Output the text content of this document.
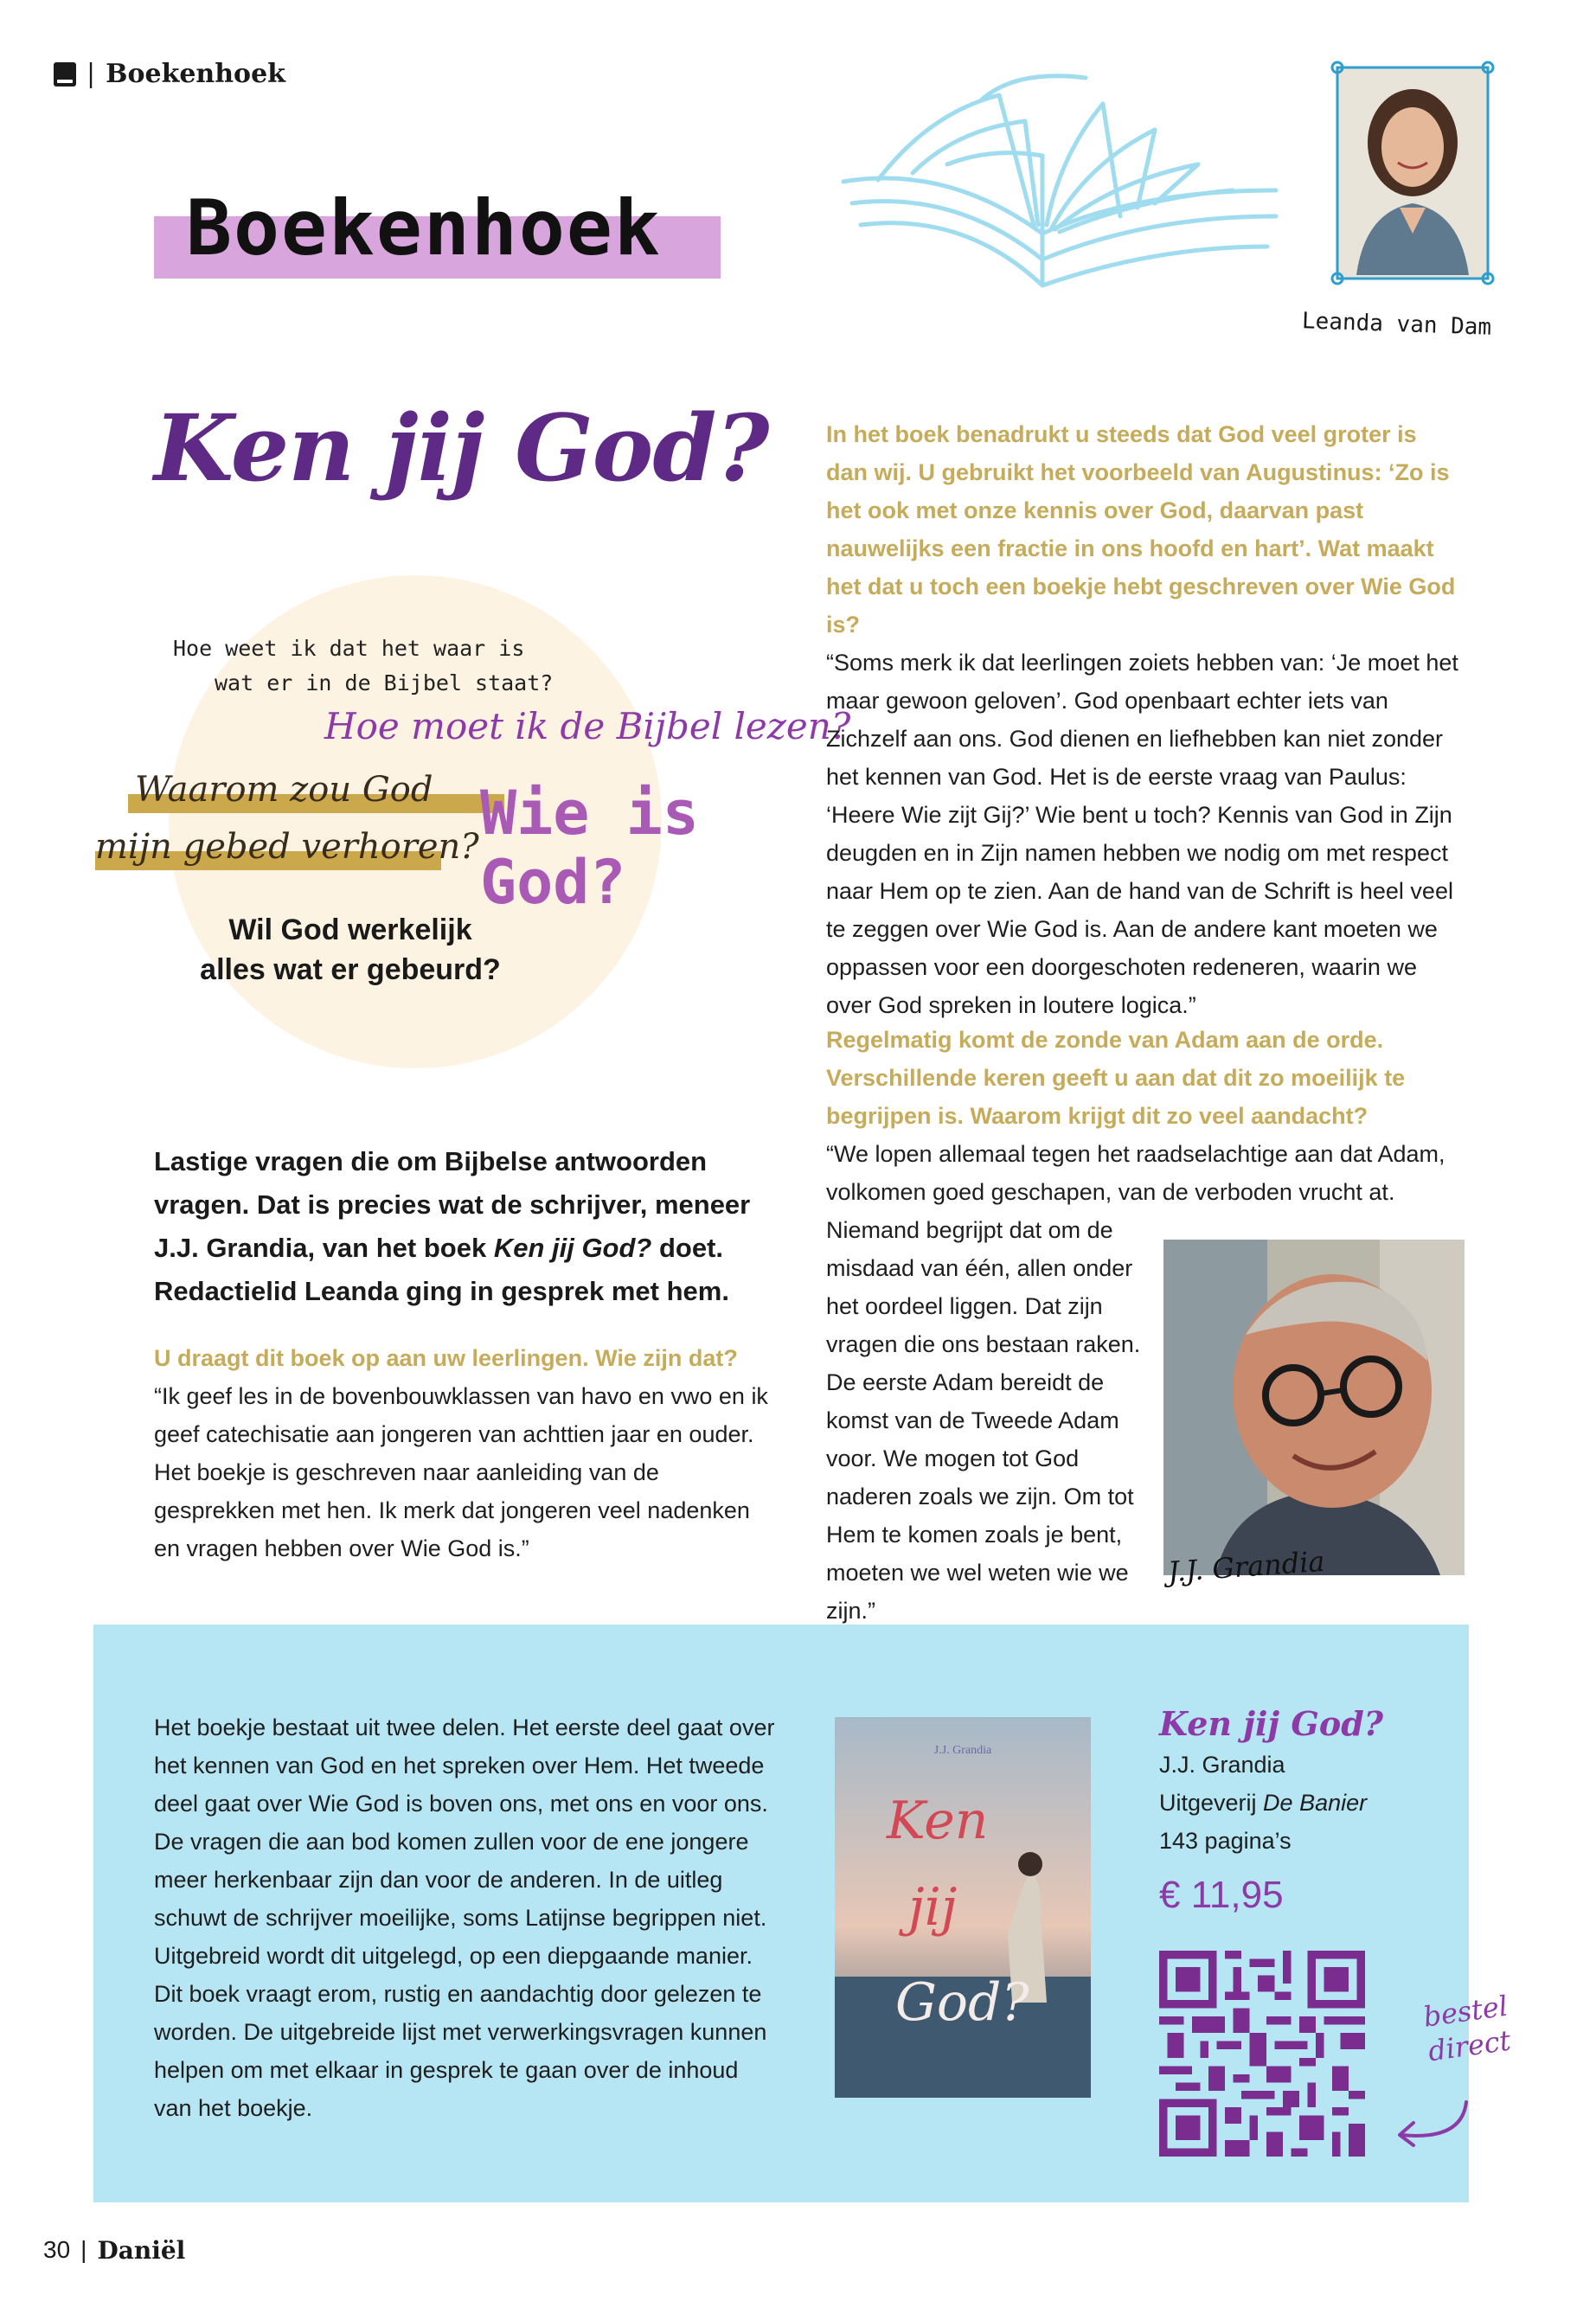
| Boekenhoek
Boekenhoek
Leanda van Dam
Ken jij God?
Hoe weet ik dat het waar is
wat er in de Bijbel staat?
Hoe moet ik de Bijbel lezen?
Waarom zou God
mijn gebed verhoren? Wie is
God?
Wil God werkelijk
alles wat er gebeurd?
Lastige vragen die om Bijbelse antwoorden vragen. Dat is precies wat de schrijver, meneer J.J. Grandia, van het boek Ken jij God? doet. Redactielid Leanda ging in gesprek met hem.
U draagt dit boek op aan uw leerlingen. Wie zijn dat?
“Ik geef les in de bovenbouwklassen van havo en vwo en ik geef catechisatie aan jongeren van achttien jaar en ouder. Het boekje is geschreven naar aanleiding van de gesprekken met hen. Ik merk dat jongeren veel nadenken en vragen hebben over Wie God is.”
In het boek benadrukt u steeds dat God veel groter is dan wij. U gebruikt het voorbeeld van Augustinus: ‘Zo is het ook met onze kennis over God, daarvan past nauwelijks een fractie in ons hoofd en hart’. Wat maakt het dat u toch een boekje hebt geschreven over Wie God is?
“Soms merk ik dat leerlingen zoiets hebben van: ‘Je moet het maar gewoon geloven’. God openbaart echter iets van Zichzelf aan ons. God dienen en liefhebben kan niet zonder het kennen van God. Het is de eerste vraag van Paulus: ‘Heere Wie zijt Gij?’ Wie bent u toch? Kennis van God in Zijn deugden en in Zijn namen hebben we nodig om met respect naar Hem op te zien. Aan de hand van de Schrift is heel veel te zeggen over Wie God is. Aan de andere kant moeten we oppassen voor een doorgeschoten redeneren, waarin we over God spreken in loutere logica.”
Regelmatig komt de zonde van Adam aan de orde. Verschillende keren geeft u aan dat dit zo moeilijk te begrijpen is. Waarom krijgt dit zo veel aandacht?
“We lopen allemaal tegen het raadselachtige aan dat Adam, volkomen goed geschapen, van de verboden vrucht at.
Niemand begrijpt dat om de misdaad van één, allen onder het oordeel liggen. Dat zijn vragen die ons bestaan raken. De eerste Adam bereidt de komst van de Tweede Adam voor. We mogen tot God naderen zoals we zijn. Om tot Hem te komen zoals je bent, moeten we wel weten wie we zijn.”
J.J. Grandia
Het boekje bestaat uit twee delen. Het eerste deel gaat over het kennen van God en het spreken over Hem. Het tweede deel gaat over Wie God is boven ons, met ons en voor ons. De vragen die aan bod komen zullen voor de ene jongere meer herkenbaar zijn dan voor de anderen. In de uitleg schuwt de schrijver moeilijke, soms Latijnse begrippen niet. Uitgebreid wordt dit uitgelegd, op een diepgaande manier. Dit boek vraagt erom, rustig en aandachtig door gelezen te worden. De uitgebreide lijst met verwerkingsvragen kunnen helpen om met elkaar in gesprek te gaan over de inhoud van het boekje.
J.J. Grandia
Ken
jij
God?
Ken jij God?
J.J. Grandia
Uitgeverij De Banier
143 pagina’s
€ 11,95
bestel
direct
30 | Daniël
